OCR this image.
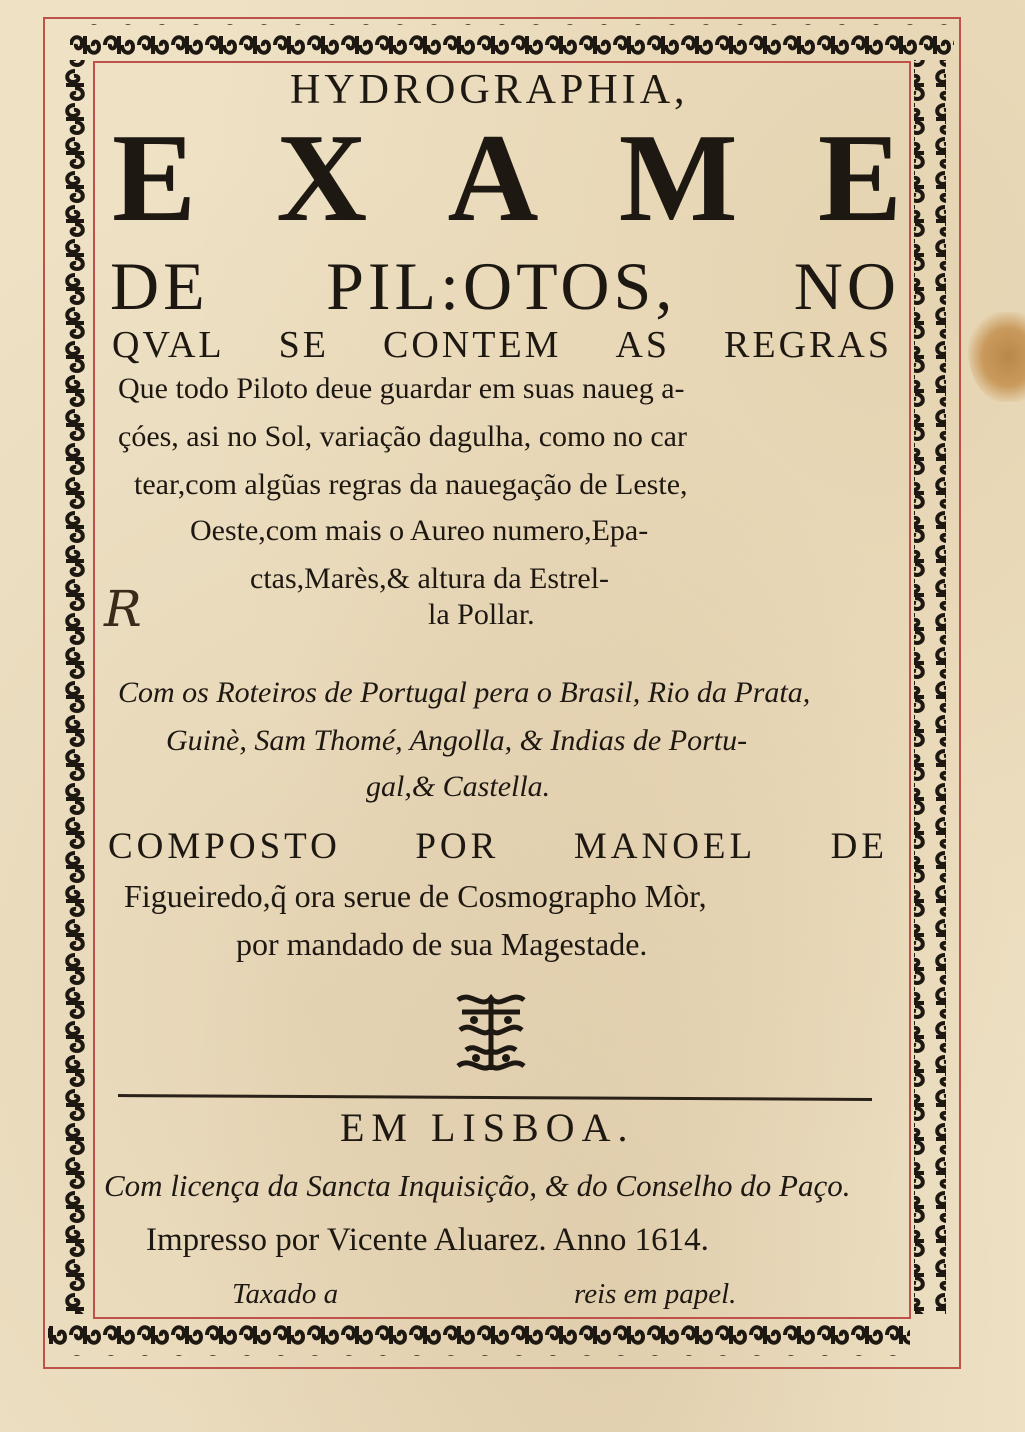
HYDROGRAPHIA,
E X A M E
DE PIL:OTOS, NO
QVAL SE CONTEM AS REGRAS
Que todo Piloto deue guardar em suas naueg a-
çóes, asi no Sol, variação dagulha, como no car
tear,com algũas regras da nauegação de Leste,
Oeste,com mais o Aureo numero,Epa-
ctas,Marès,& altura da Estrel-
la Pollar.
R
Com os Roteiros de Portugal pera o Brasil, Rio da Prata,
Guinè, Sam Thomé, Angolla, & Indias de Portu-
gal,& Castella.
COMPOSTO POR MANOEL DE
Figueiredo,q̃ ora serue de Cosmographo Mòr,
por mandado de sua Magestade.
EM LISBOA.
Com licença da Sancta Inquisição, & do Conselho do Paço.
Impresso por Vicente Aluarez. Anno 1614.
Taxado a	reis em papel.
